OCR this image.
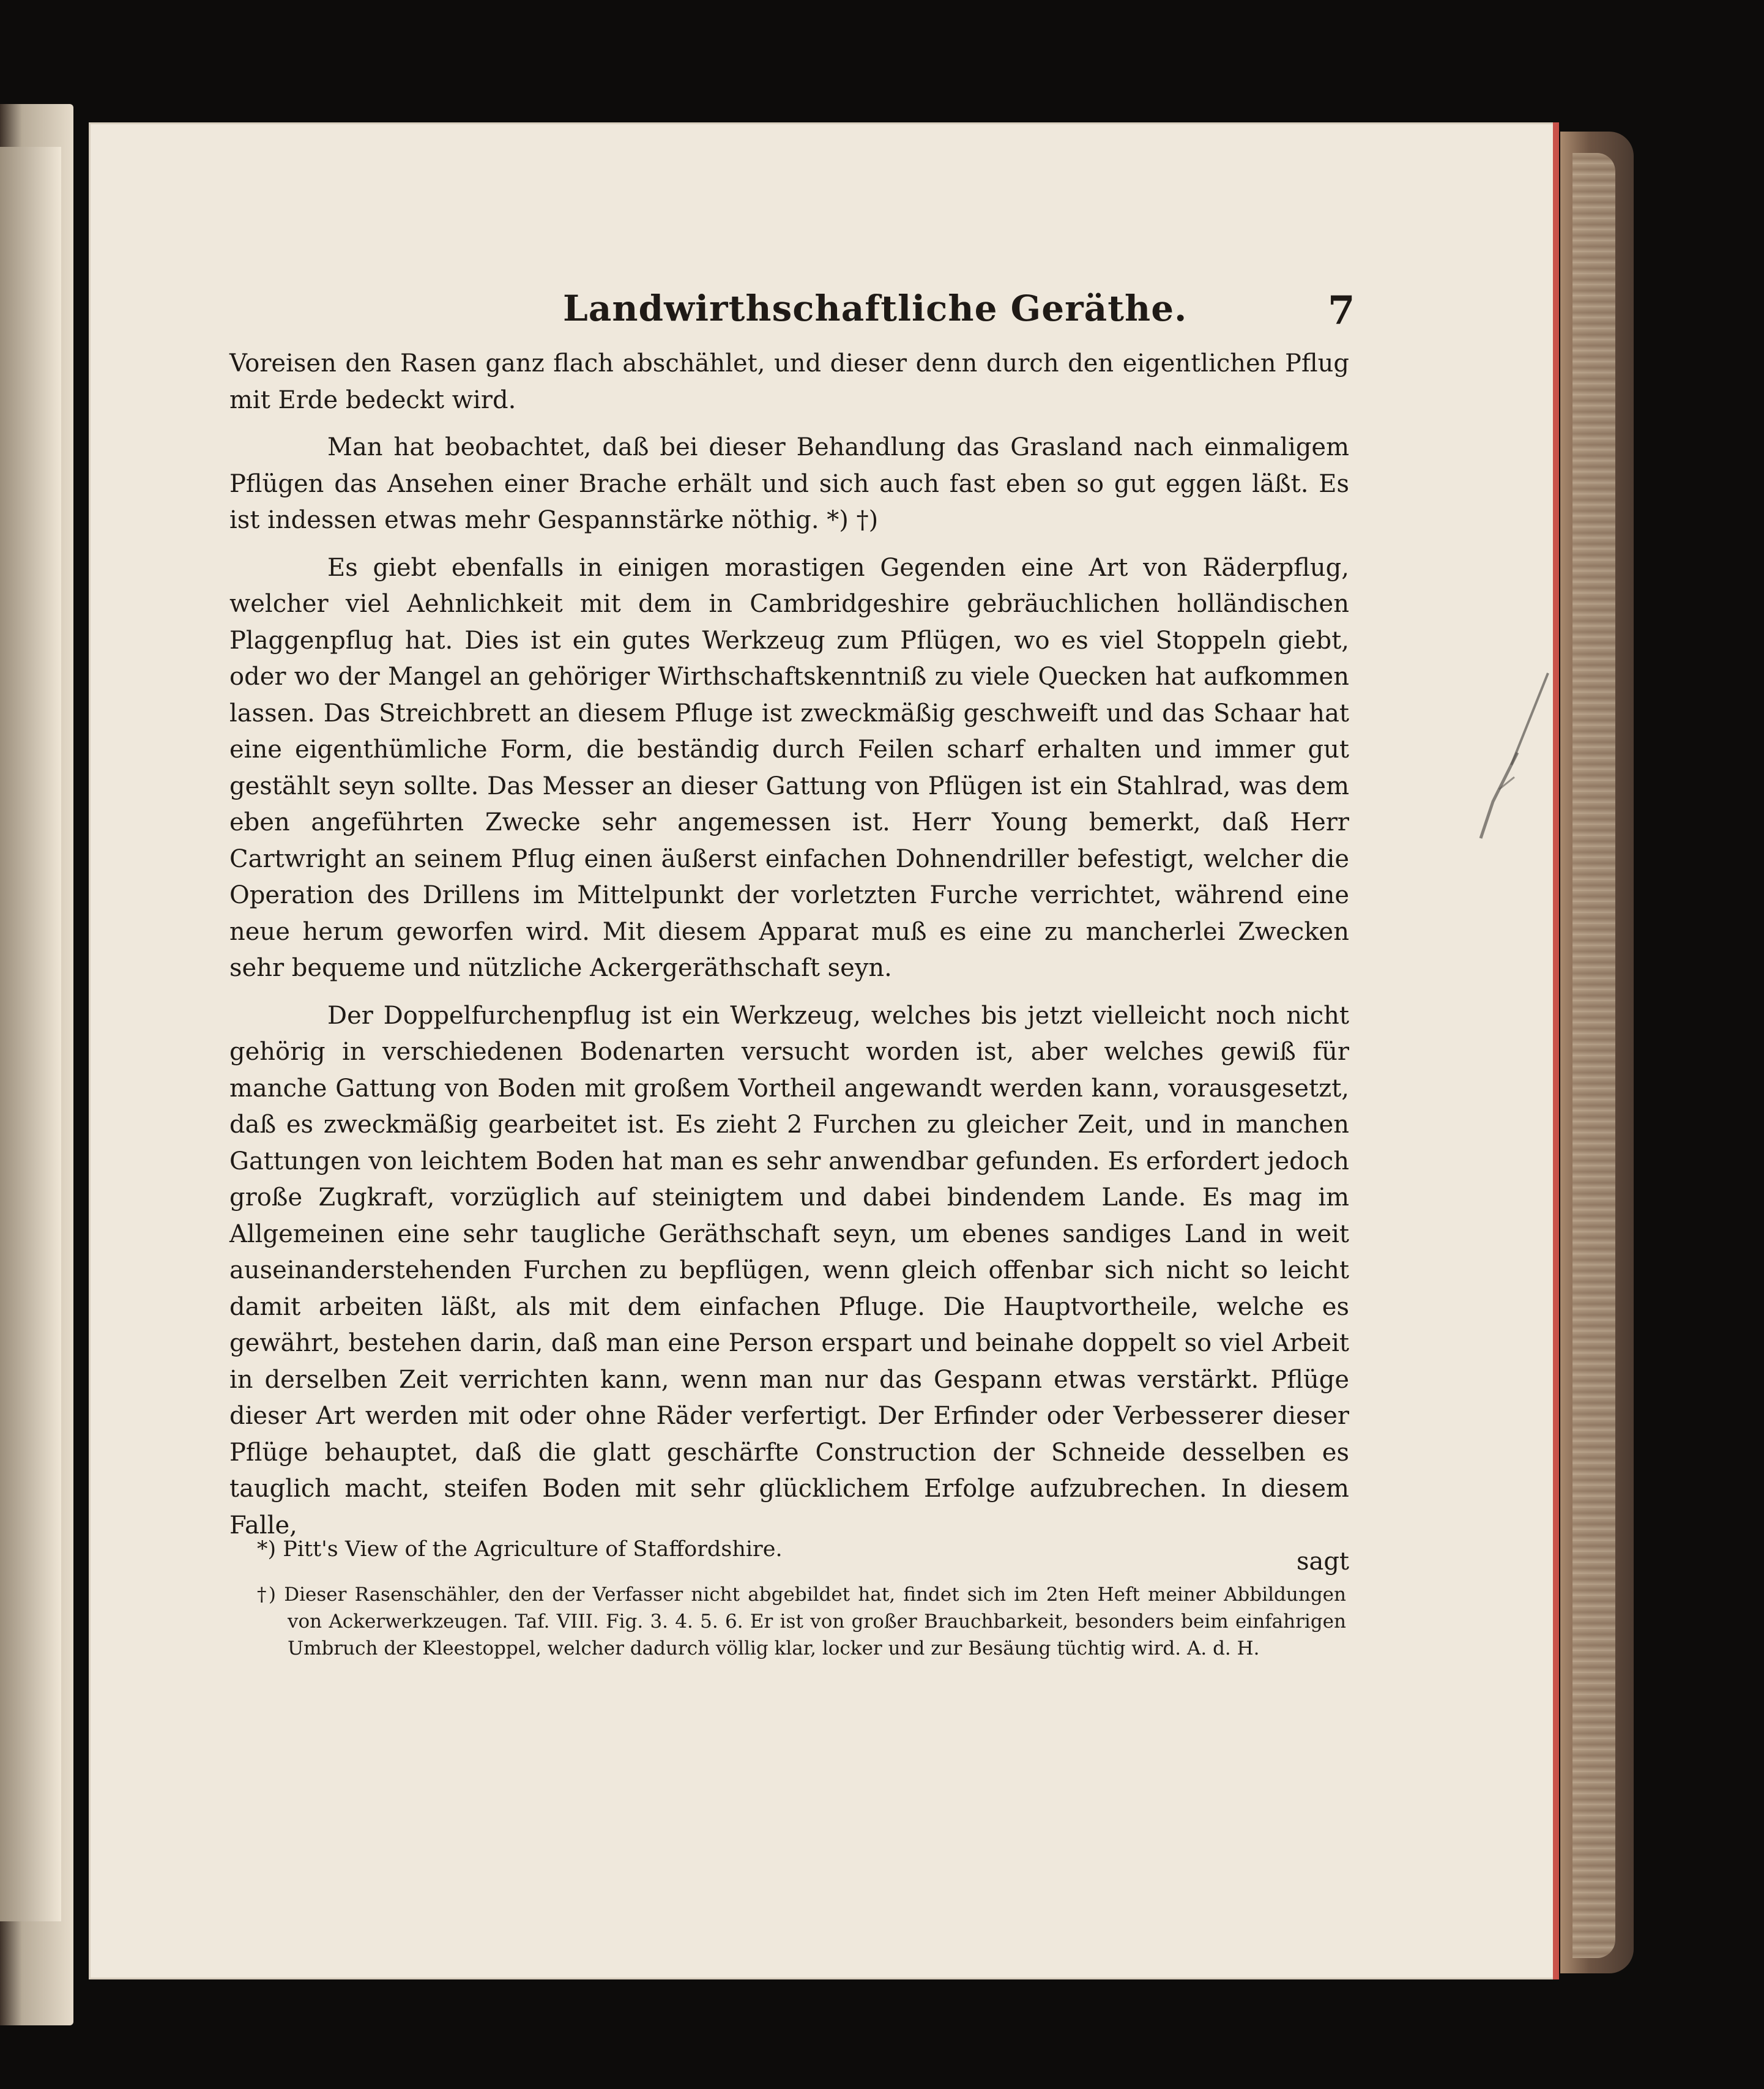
Landwirthschaftliche Geräthe.	7

Voreisen den Rasen ganz flach abschählet, und dieser denn durch den eigentlichen Pflug mit Erde bedeckt wird.

Man hat beobachtet, daß bei dieser Behandlung das Grasland nach einmaligem Pflügen das Ansehen einer Brache erhält und sich auch fast eben so gut eggen läßt. Es ist indessen etwas mehr Gespannstärke nöthig. *) †)

Es giebt ebenfalls in einigen morastigen Gegenden eine Art von Räderpflug, welcher viel Aehnlichkeit mit dem in Cambridgeshire gebräuchlichen holländischen Plaggenpflug hat. Dies ist ein gutes Werkzeug zum Pflügen, wo es viel Stoppeln giebt, oder wo der Mangel an gehöriger Wirthschaftskenntniß zu viele Quecken hat aufkommen lassen. Das Streichbrett an diesem Pfluge ist zweckmäßig geschweift und das Schaar hat eine eigenthümliche Form, die beständig durch Feilen scharf erhalten und immer gut gestählt seyn sollte. Das Messer an dieser Gattung von Pflügen ist ein Stahlrad, was dem eben angeführten Zwecke sehr angemessen ist. Herr Young bemerkt, daß Herr Cartwright an seinem Pflug einen äußerst einfachen Dohnendriller befestigt, welcher die Operation des Drillens im Mittelpunkt der vorletzten Furche verrichtet, während eine neue herum geworfen wird. Mit diesem Apparat muß es eine zu mancherlei Zwecken sehr bequeme und nützliche Ackergeräthschaft seyn.

Der Doppelfurchenpflug ist ein Werkzeug, welches bis jetzt vielleicht noch nicht gehörig in verschiedenen Bodenarten versucht worden ist, aber welches gewiß für manche Gattung von Boden mit großem Vortheil angewandt werden kann, vorausgesetzt, daß es zweckmäßig gearbeitet ist. Es zieht 2 Furchen zu gleicher Zeit, und in manchen Gattungen von leichtem Boden hat man es sehr anwendbar gefunden. Es erfordert jedoch große Zugkraft, vorzüglich auf steinigtem und dabei bindendem Lande. Es mag im Allgemeinen eine sehr taugliche Geräthschaft seyn, um ebenes sandiges Land in weit auseinanderstehenden Furchen zu bepflügen, wenn gleich offenbar sich nicht so leicht damit arbeiten läßt, als mit dem einfachen Pfluge. Die Hauptvortheile, welche es gewährt, bestehen darin, daß man eine Person erspart und beinahe doppelt so viel Arbeit in derselben Zeit verrichten kann, wenn man nur das Gespann etwas verstärkt. Pflüge dieser Art werden mit oder ohne Räder verfertigt. Der Erfinder oder Verbesserer dieser Pflüge behauptet, daß die glatt geschärfte Construction der Schneide desselben es tauglich macht, steifen Boden mit sehr glücklichem Erfolge aufzubrechen. In diesem Falle,

sagt
*) Pitt's View of the Agriculture of Staffordshire.
†) Dieser Rasenschähler, den der Verfasser nicht abgebildet hat, findet sich im 2ten Heft meiner Abbildungen von Ackerwerkzeugen. Taf. VIII. Fig. 3. 4. 5. 6. Er ist von großer Brauchbarkeit, besonders beim einfahrigen Umbruch der Kleestoppel, welcher dadurch völlig klar, locker und zur Besäung tüchtig wird. A. d. H.
